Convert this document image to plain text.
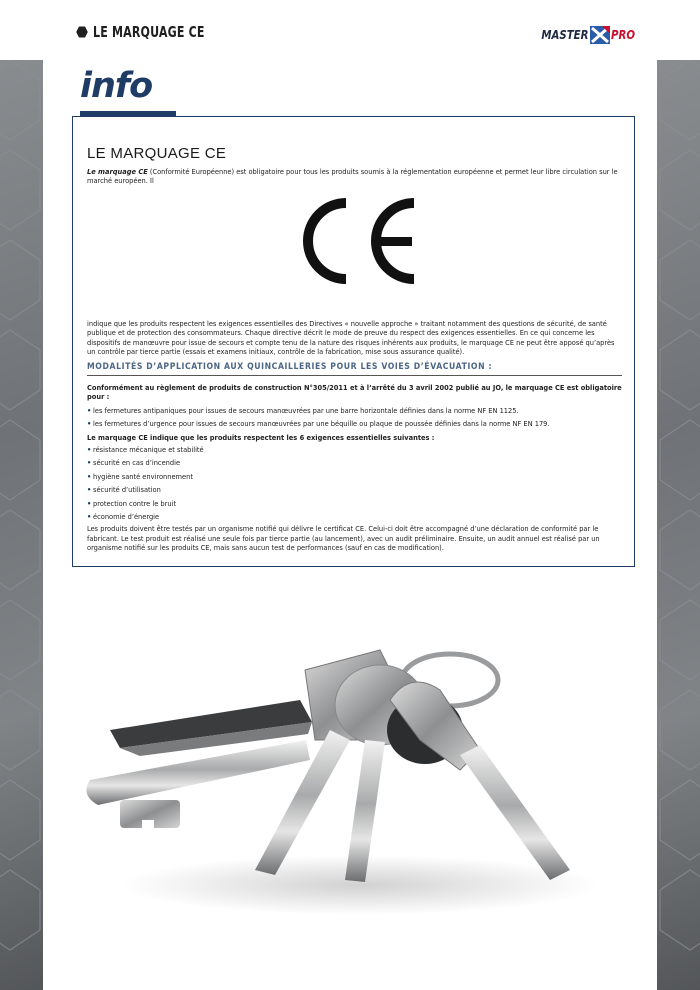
LE MARQUAGE CE	MASTER PRO
info
LE MARQUAGE CE
Le marquage CE (Conformité Européenne) est obligatoire pour tous les produits soumis à la réglementation européenne et permet leur libre circulation sur le marché européen. Il
CE
indique que les produits respectent les exigences essentielles des Directives « nouvelle approche » traitant notamment des questions de sécurité, de santé publique et de protection des consommateurs. Chaque directive décrit le mode de preuve du respect des exigences essentielles. En ce qui concerne les dispositifs de manœuvre pour issue de secours et compte tenu de la nature des risques inhérents aux produits, le marquage CE ne peut être apposé qu’après un contrôle par tierce partie (essais et examens initiaux, contrôle de la fabrication, mise sous assurance qualité).
MODALITÉS D’APPLICATION AUX QUINCAILLERIES POUR LES VOIES D’ÉVACUATION :
Conformément au règlement de produits de construction N°305/2011 et à l’arrêté du 3 avril 2002 publié au JO, le marquage CE est obligatoire pour :
• les fermetures antipaniques pour issues de secours manœuvrées par une barre horizontale définies dans la norme NF EN 1125.
• les fermetures d’urgence pour issues de secours manœuvrées par une béquille ou plaque de poussée définies dans la norme NF EN 179.
Le marquage CE indique que les produits respectent les 6 exigences essentielles suivantes :
• résistance mécanique et stabilité
• sécurité en cas d’incendie
• hygiène santé environnement
• sécurité d’utilisation
• protection contre le bruit
• économie d’énergie
Les produits doivent être testés par un organisme notifié qui délivre le certificat CE. Celui-ci doit être accompagné d’une déclaration de conformité par le fabricant. Le test produit est réalisé une seule fois par tierce partie (au lancement), avec un audit préliminaire. Ensuite, un audit annuel est réalisé par un organisme notifié sur les produits CE, mais sans aucun test de performances (sauf en cas de modification).
